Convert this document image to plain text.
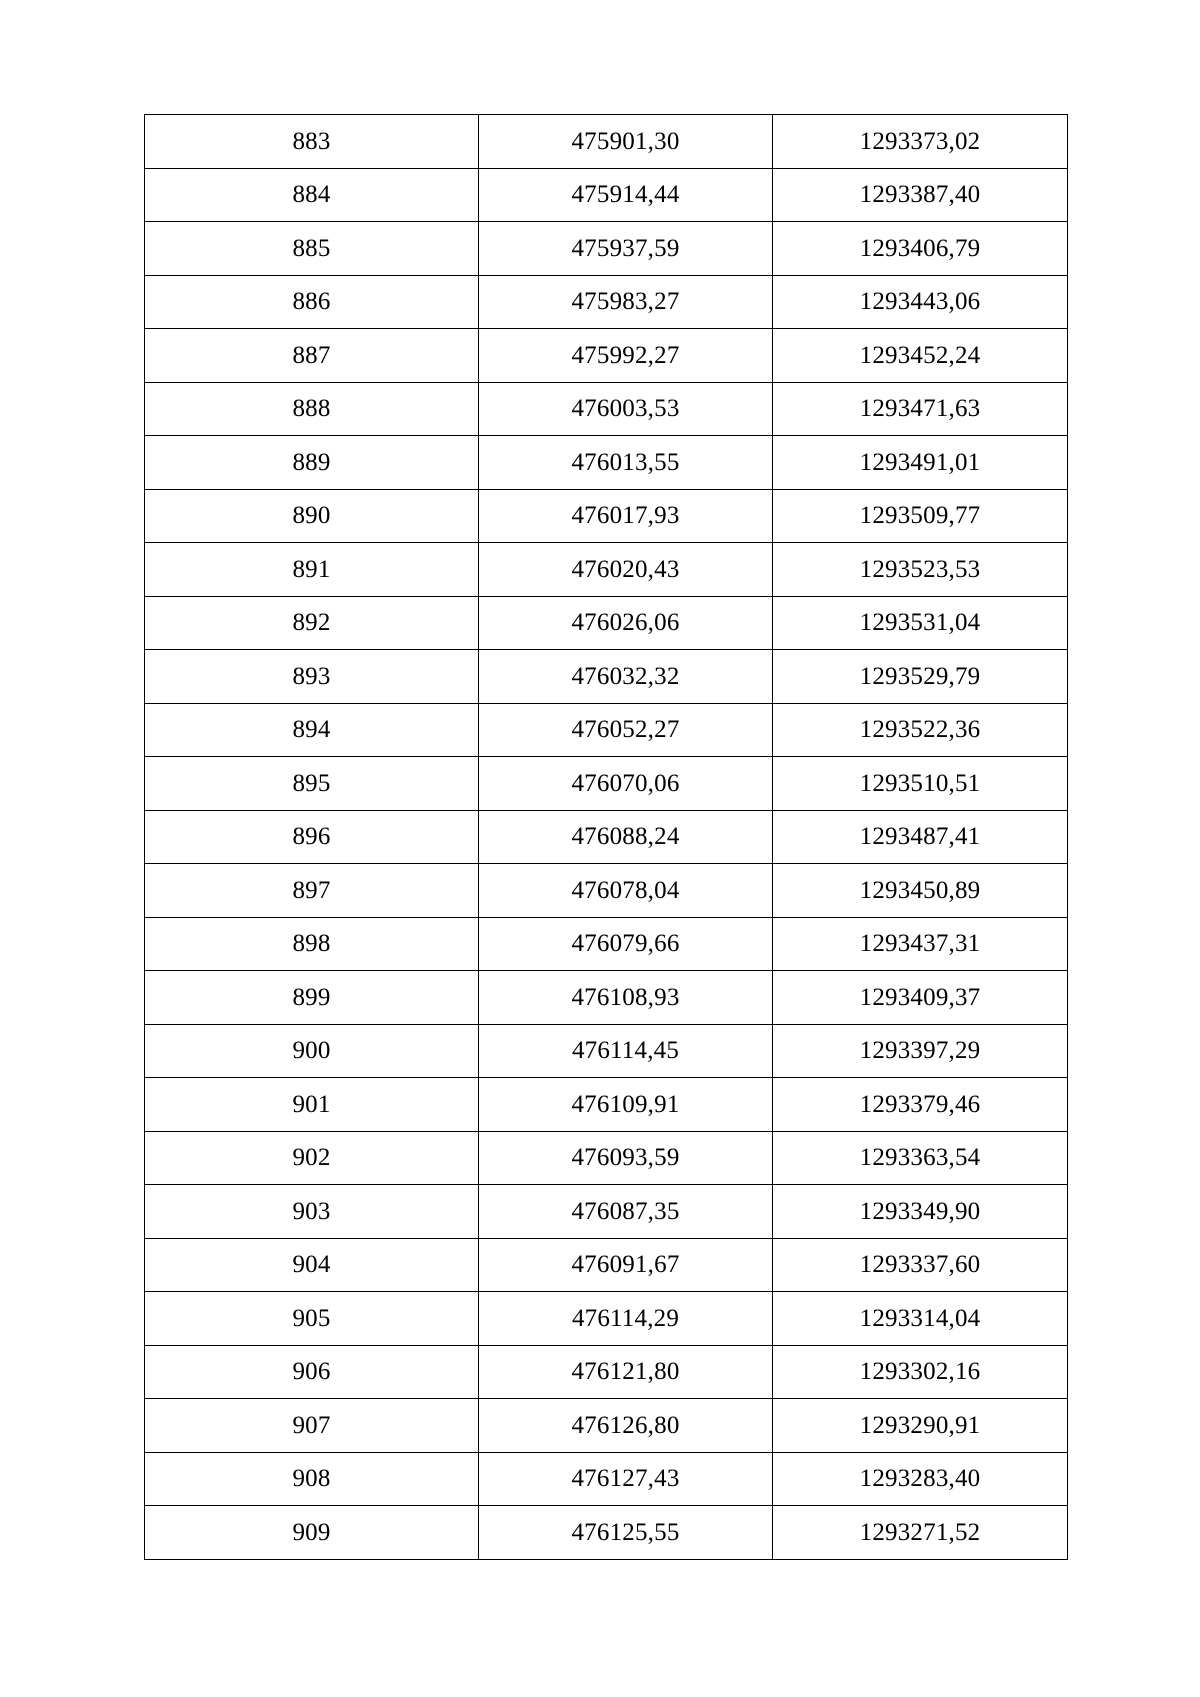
883	475901,30	1293373,02
884	475914,44	1293387,40
885	475937,59	1293406,79
886	475983,27	1293443,06
887	475992,27	1293452,24
888	476003,53	1293471,63
889	476013,55	1293491,01
890	476017,93	1293509,77
891	476020,43	1293523,53
892	476026,06	1293531,04
893	476032,32	1293529,79
894	476052,27	1293522,36
895	476070,06	1293510,51
896	476088,24	1293487,41
897	476078,04	1293450,89
898	476079,66	1293437,31
899	476108,93	1293409,37
900	476114,45	1293397,29
901	476109,91	1293379,46
902	476093,59	1293363,54
903	476087,35	1293349,90
904	476091,67	1293337,60
905	476114,29	1293314,04
906	476121,80	1293302,16
907	476126,80	1293290,91
908	476127,43	1293283,40
909	476125,55	1293271,52
